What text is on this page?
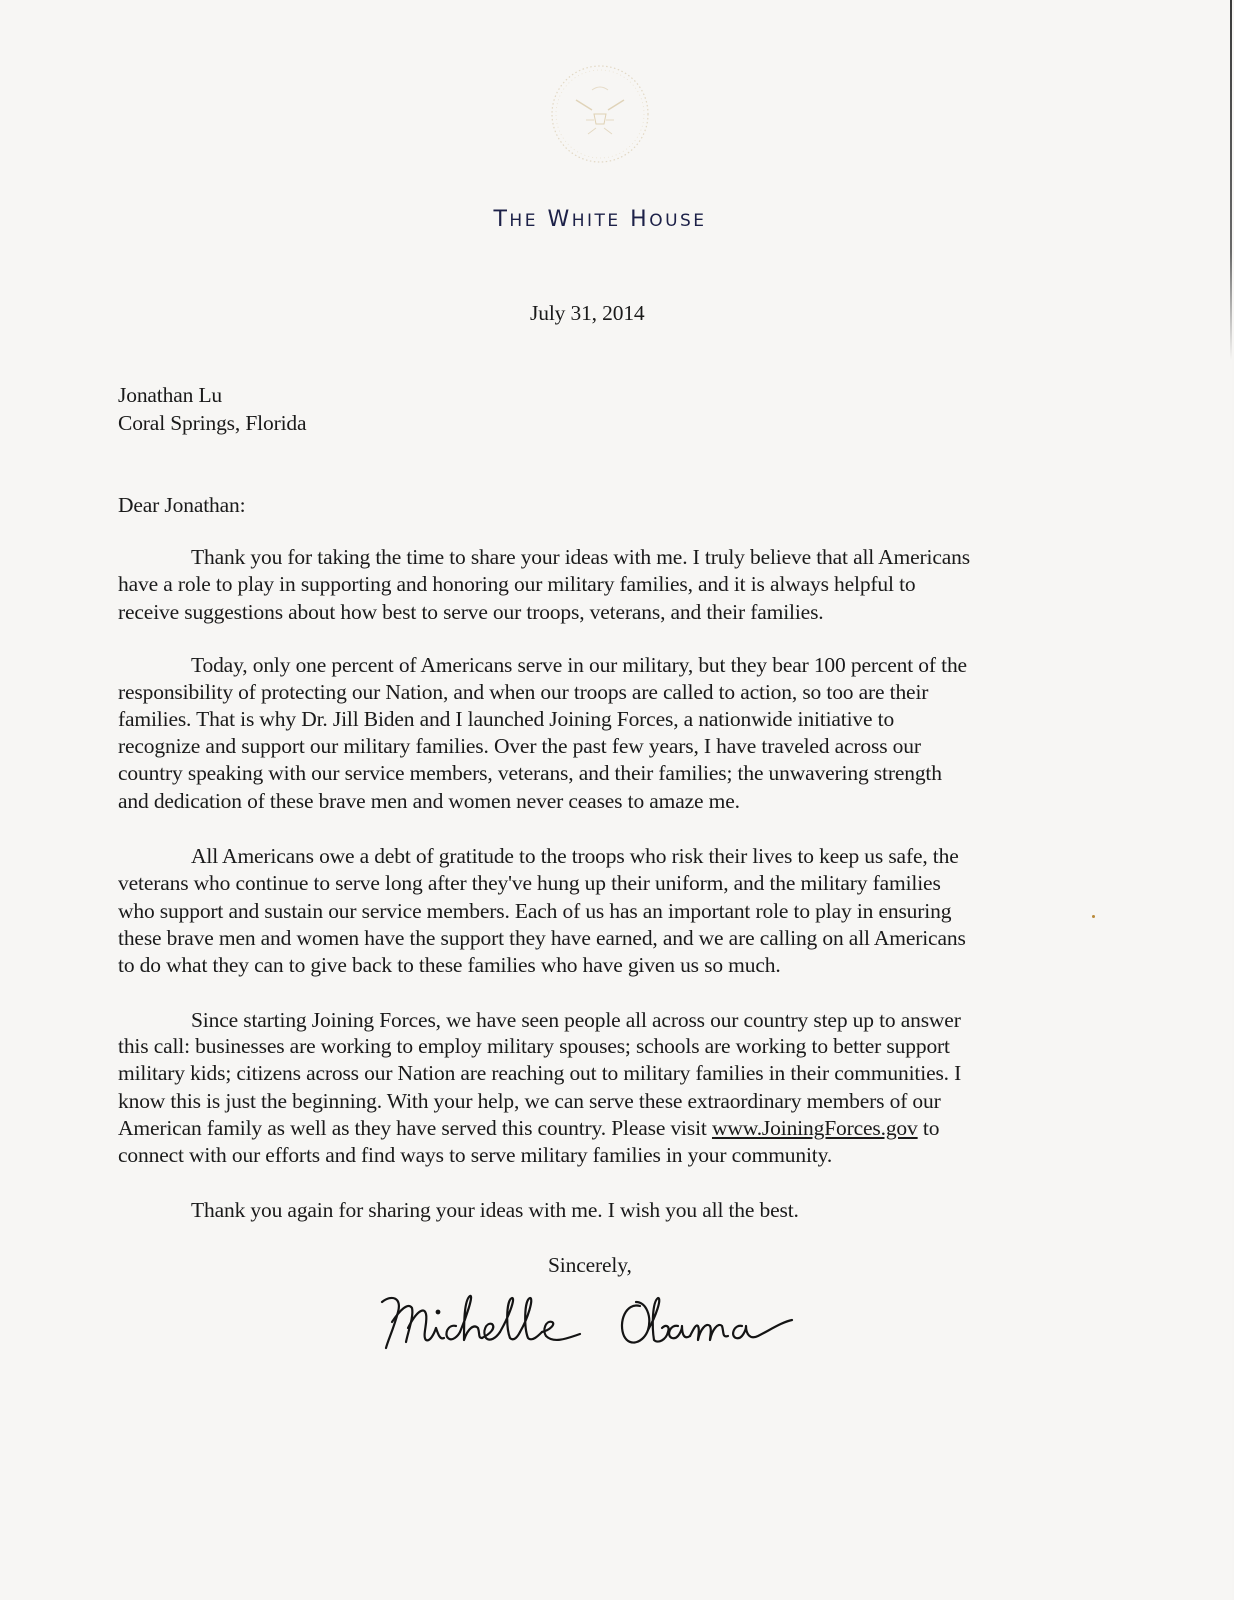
THE WHITE HOUSE
July 31, 2014
Jonathan Lu
Coral Springs, Florida
Dear Jonathan:
Thank you for taking the time to share your ideas with me. I truly believe that all Americans
have a role to play in supporting and honoring our military families, and it is always helpful to
receive suggestions about how best to serve our troops, veterans, and their families.
Today, only one percent of Americans serve in our military, but they bear 100 percent of the
responsibility of protecting our Nation, and when our troops are called to action, so too are their
families. That is why Dr. Jill Biden and I launched Joining Forces, a nationwide initiative to
recognize and support our military families. Over the past few years, I have traveled across our
country speaking with our service members, veterans, and their families; the unwavering strength
and dedication of these brave men and women never ceases to amaze me.
All Americans owe a debt of gratitude to the troops who risk their lives to keep us safe, the
veterans who continue to serve long after they've hung up their uniform, and the military families
who support and sustain our service members. Each of us has an important role to play in ensuring
these brave men and women have the support they have earned, and we are calling on all Americans
to do what they can to give back to these families who have given us so much.
Since starting Joining Forces, we have seen people all across our country step up to answer
this call: businesses are working to employ military spouses; schools are working to better support
military kids; citizens across our Nation are reaching out to military families in their communities. I
know this is just the beginning. With your help, we can serve these extraordinary members of our
American family as well as they have served this country. Please visit www.JoiningForces.gov to
connect with our efforts and find ways to serve military families in your community.
Thank you again for sharing your ideas with me. I wish you all the best.
Sincerely,
